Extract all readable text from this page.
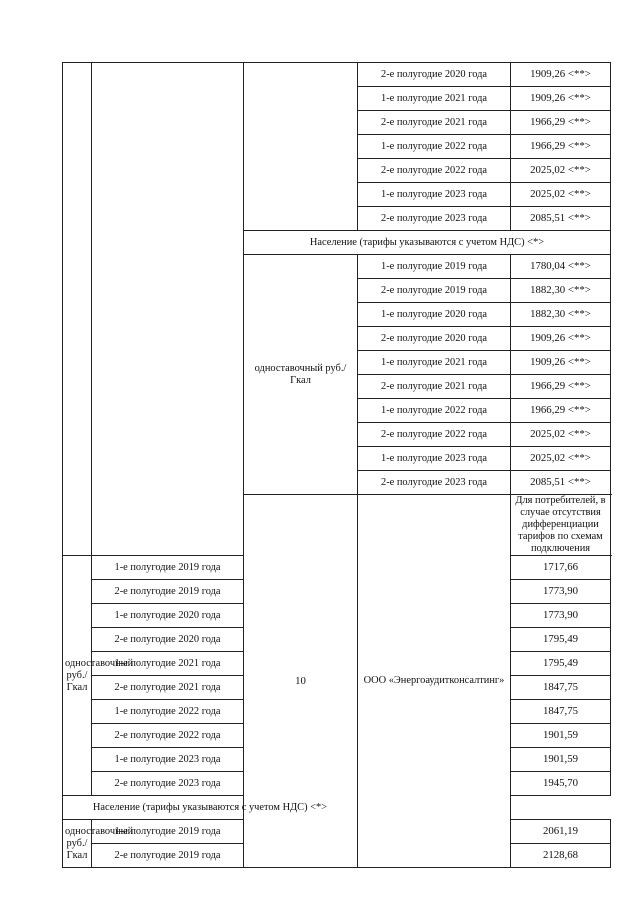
			2-е полугодие 2020 года	1909,26 <**>
			1-е полугодие 2021 года	1909,26 <**>
			2-е полугодие 2021 года	1966,29 <**>
			1-е полугодие 2022 года	1966,29 <**>
			2-е полугодие 2022 года	2025,02 <**>
			1-е полугодие 2023 года	2025,02 <**>
			2-е полугодие 2023 года	2085,51 <**>
		Население (тарифы указываются с учетом НДС) <*>		
		одноставочный руб./Гкал	1-е полугодие 2019 года	1780,04 <**>
			2-е полугодие 2019 года	1882,30 <**>
			1-е полугодие 2020 года	1882,30 <**>
			2-е полугодие 2020 года	1909,26 <**>
			1-е полугодие 2021 года	1909,26 <**>
			2-е полугодие 2021 года	1966,29 <**>
			1-е полугодие 2022 года	1966,29 <**>
			2-е полугодие 2022 года	2025,02 <**>
			1-е полугодие 2023 года	2025,02 <**>
			2-е полугодие 2023 года	2085,51 <**>
		10	ООО «Энергоаудитконсалтинг»	Для потребителей, в случае отсутствия дифференциации тарифов по схемам подключения
одноставочный руб./Гкал	1-е полугодие 2019 года			1717,66
	2-е полугодие 2019 года			1773,90
	1-е полугодие 2020 года			1773,90
	2-е полугодие 2020 года			1795,49
	1-е полугодие 2021 года			1795,49
	2-е полугодие 2021 года			1847,75
	1-е полугодие 2022 года			1847,75
	2-е полугодие 2022 года			1901,59
	1-е полугодие 2023 года			1901,59
	2-е полугодие 2023 года			1945,70
Население (тарифы указываются с учетом НДС) <*>				
одноставочный руб./Гкал	1-е полугодие 2019 года			2061,19
	2-е полугодие 2019 года			2128,68
